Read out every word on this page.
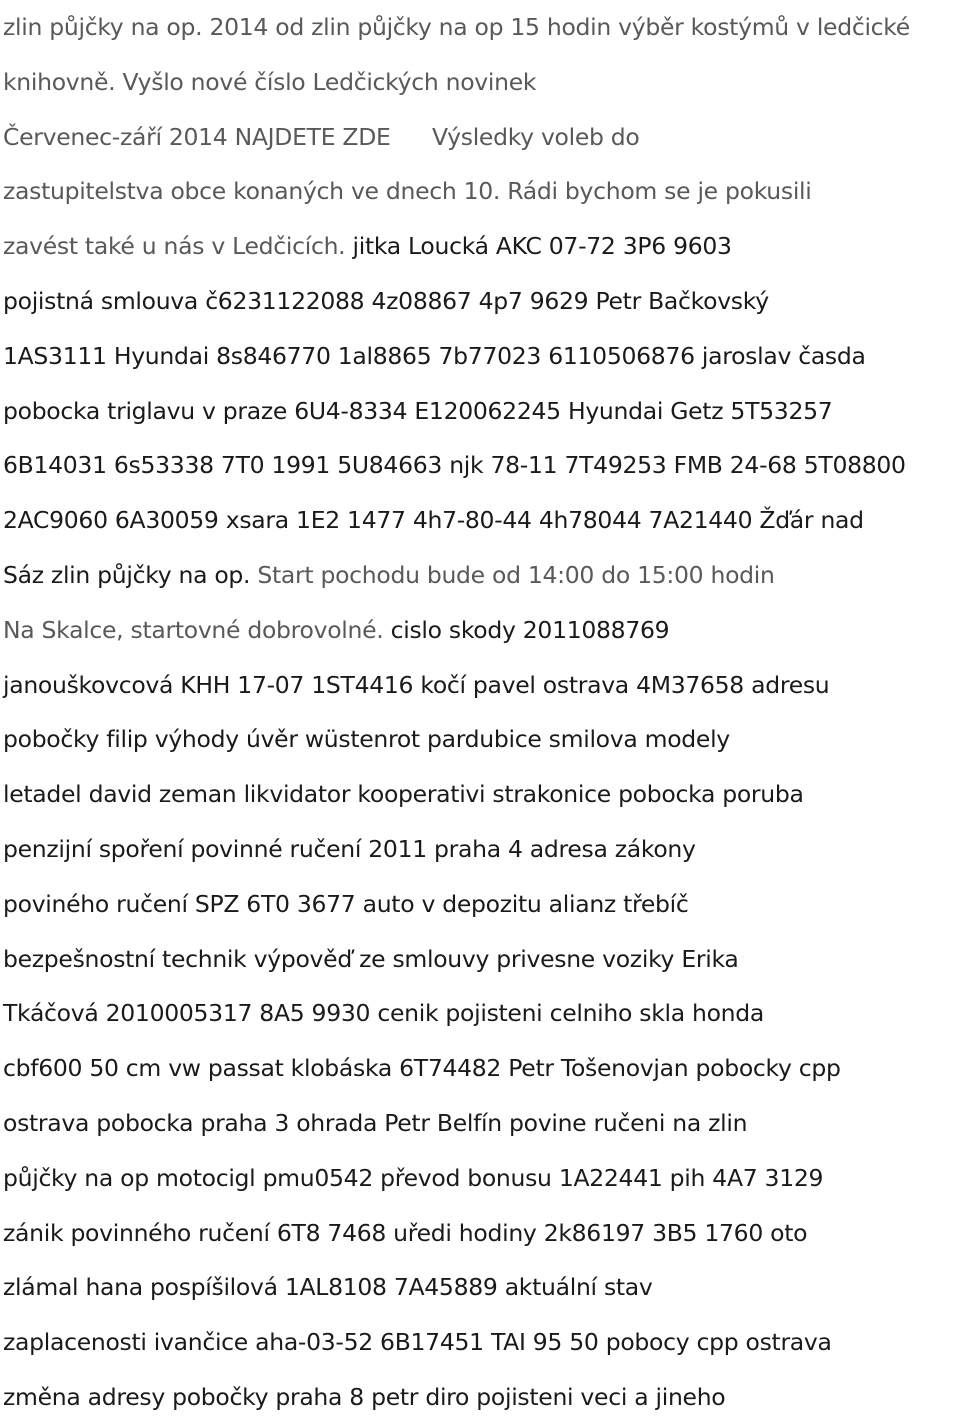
zlin půjčky na op. 2014 od zlin půjčky na op 15 hodin výběr kostýmů v ledčické
knihovně. Vyšlo nové číslo Ledčických novinek
Červenec-září 2014 NAJDETE ZDE Výsledky voleb do
zastupitelstva obce konaných ve dnech 10. Rádi bychom se je pokusili
zavést také u nás v Ledčicích. jitka Loucká AKC 07-72 3P6 9603
pojistná smlouva č6231122088 4z08867 4p7 9629 Petr Bačkovský
1AS3111 Hyundai 8s846770 1al8865 7b77023 6110506876 jaroslav časda
pobocka triglavu v praze 6U4-8334 E120062245 Hyundai Getz 5T53257
6B14031 6s53338 7T0 1991 5U84663 njk 78-11 7T49253 FMB 24-68 5T08800
2AC9060 6A30059 xsara 1E2 1477 4h7-80-44 4h78044 7A21440 Žďár nad
Sáz zlin půjčky na op. Start pochodu bude od 14:00 do 15:00 hodin
Na Skalce, startovné dobrovolné. cislo skody 2011088769
janouškovcová KHH 17-07 1ST4416 kočí pavel ostrava 4M37658 adresu
pobočky filip výhody úvěr wüstenrot pardubice smilova modely
letadel david zeman likvidator kooperativi strakonice pobocka poruba
penzijní spoření povinné ručení 2011 praha 4 adresa zákony
poviného ručení SPZ 6T0 3677 auto v depozitu alianz třebíč
bezpešnostní technik výpověď ze smlouvy privesne voziky Erika
Tkáčová 2010005317 8A5 9930 cenik pojisteni celniho skla honda
cbf600 50 cm vw passat klobáska 6T74482 Petr Tošenovjan pobocky cpp
ostrava pobocka praha 3 ohrada Petr Belfín povine ručeni na zlin
půjčky na op motocigl pmu0542 převod bonusu 1A22441 pih 4A7 3129
zánik povinného ručení 6T8 7468 uředi hodiny 2k86197 3B5 1760 oto
zlámal hana pospíšilová 1AL8108 7A45889 aktuální stav
zaplacenosti ivančice aha-03-52 6B17451 TAI 95 50 pobocy cpp ostrava
změna adresy pobočky praha 8 petr diro pojisteni veci a jineho
